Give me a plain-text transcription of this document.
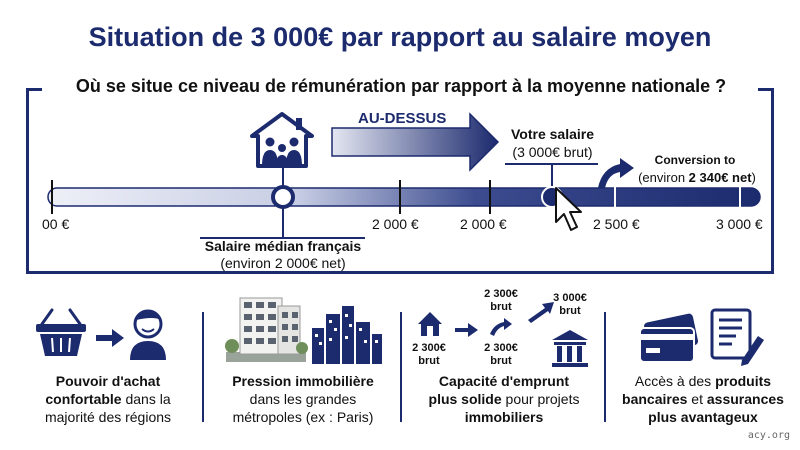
Situation de 3 000€ par rapport au salaire moyen
Où se situe ce niveau de rémunération par rapport à la moyenne nationale ?
AU-DESSUS
Votre salaire
(3 000€ brut)	Conversion to
(environ 2 340€ net)
00 €	2 000 €	2 000 €	2 500 €	3 000 €
Salaire médian français
(environ 2 000€ net)
2 300€ brut
2 300€ brut
2 300€ brut
3 000€ brut
Pouvoir d'achat
confortable dans la
majorité des régions
Pression immobilière
dans les grandes
métropoles (ex : Paris)
Capacité d'emprunt
plus solide pour projets
immobiliers
Accès à des produits
bancaires et assurances
plus avantageux
acy.org
